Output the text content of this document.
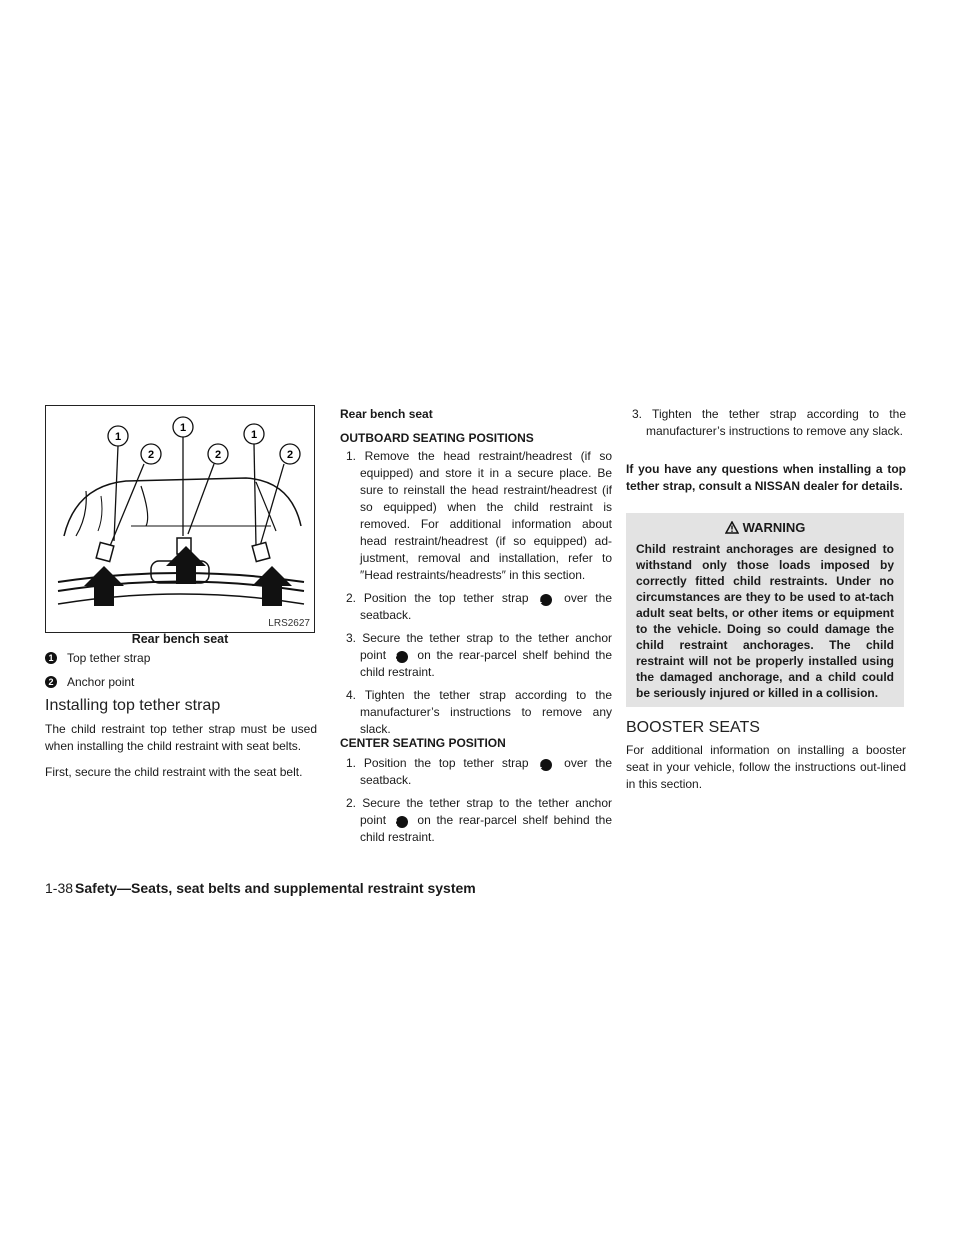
1
2
1
2
1
2
LRS2627
Rear bench seat
1 Top tether strap
2 Anchor point
Installing top tether strap
The child restraint top tether strap must be used when installing the child restraint with seat belts.
First, secure the child restraint with the seat belt.
Rear bench seat
OUTBOARD SEATING POSITIONS
1. Remove the head restraint/headrest (if so equipped) and store it in a secure place. Be sure to reinstall the head restraint/headrest (if so equipped) when the child restraint is removed. For additional information about head restraint/headrest (if so equipped) ad-justment, removal and installation, refer to ″Head restraints/headrests″ in this section.
2. Position the top tether strap 1 over the seatback.
3. Secure the tether strap to the tether anchor point 2 on the rear-parcel shelf behind the child restraint.
4. Tighten the tether strap according to the manufacturer’s instructions to remove any slack.
CENTER SEATING POSITION
1. Position the top tether strap 1 over the seatback.
2. Secure the tether strap to the tether anchor point 2 on the rear-parcel shelf behind the child restraint.
3. Tighten the tether strap according to the manufacturer’s instructions to remove any slack.
If you have any questions when installing a top tether strap, consult a NISSAN dealer for details.
WARNING
Child restraint anchorages are designed to withstand only those loads imposed by correctly fitted child restraints. Under no circumstances are they to be used to at-tach adult seat belts, or other items or equipment to the vehicle. Doing so could damage the child restraint anchorages. The child restraint will not be properly installed using the damaged anchorage, and a child could be seriously injured or killed in a collision.
BOOSTER SEATS
For additional information on installing a booster seat in your vehicle, follow the instructions out-lined in this section.
1-38 Safety—Seats, seat belts and supplemental restraint system
